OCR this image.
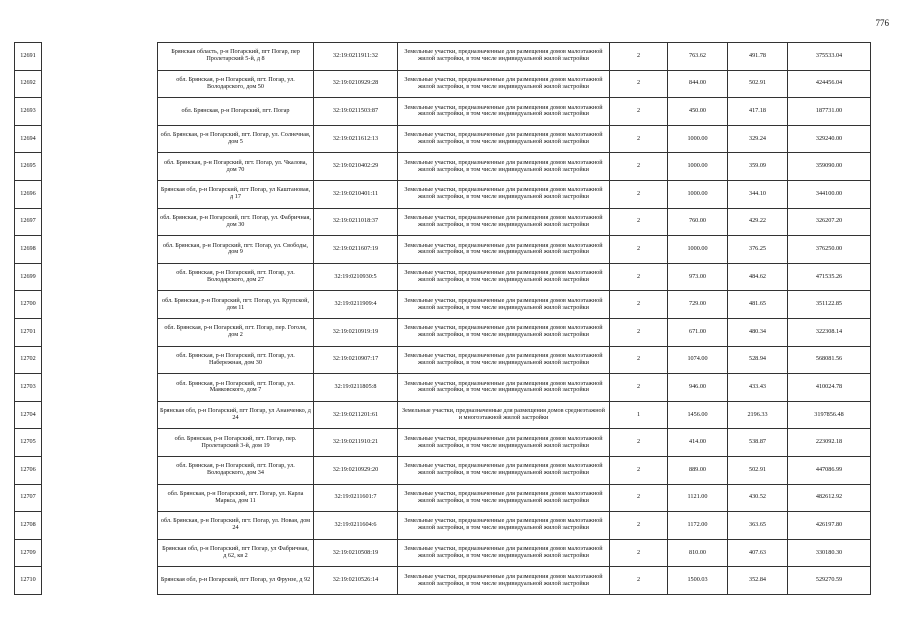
776
12691		Брянская область, р-н Погарский, пгт Погар, пер Пролетарский 5-й, д 8	32:19:0211911:32	Земельные участки, предназначенные для размещения домов малоэтажной жилой застройки, в том числе индивидуальной жилой застройки	2	763.62	491.78	375533.04
12692		обл. Брянская, р-н Погарский, пгт. Погар, ул. Володарского, дом 50	32:19:0210929:28	Земельные участки, предназначенные для размещения домов малоэтажной жилой застройки, в том числе индивидуальной жилой застройки	2	844.00	502.91	424456.04
12693		обл. Брянская, р-н Погарский, пгт. Погар	32:19:0211503:87	Земельные участки, предназначенные для размещения домов малоэтажной жилой застройки, в том числе индивидуальной жилой застройки	2	450.00	417.18	187731.00
12694		обл. Брянская, р-н Погарский, пгт. Погар, ул. Солнечная, дом 5	32:19:0211612:13	Земельные участки, предназначенные для размещения домов малоэтажной жилой застройки, в том числе индивидуальной жилой застройки	2	1000.00	329.24	329240.00
12695		обл. Брянская, р-н Погарский, пгт. Погар, ул. Чкалова, дом 70	32:19:0210402:29	Земельные участки, предназначенные для размещения домов малоэтажной жилой застройки, в том числе индивидуальной жилой застройки	2	1000.00	359.09	359090.00
12696		Брянская обл, р-н Погарский, пгт Погар, ул Каштановая, д 17	32:19:0210401:11	Земельные участки, предназначенные для размещения домов малоэтажной жилой застройки, в том числе индивидуальной жилой застройки	2	1000.00	344.10	344100.00
12697		обл. Брянская, р-н Погарский, пгт. Погар, ул. Фабричная, дом 30	32:19:0211018:37	Земельные участки, предназначенные для размещения домов малоэтажной жилой застройки, в том числе индивидуальной жилой застройки	2	760.00	429.22	326207.20
12698		обл. Брянская, р-н Погарский, пгт. Погар, ул. Свободы, дом 9	32:19:0211607:19	Земельные участки, предназначенные для размещения домов малоэтажной жилой застройки, в том числе индивидуальной жилой застройки	2	1000.00	376.25	376250.00
12699		обл. Брянская, р-н Погарский, пгт. Погар, ул. Володарского, дом 27	32:19:0210930:5	Земельные участки, предназначенные для размещения домов малоэтажной жилой застройки, в том числе индивидуальной жилой застройки	2	973.00	484.62	471535.26
12700		обл. Брянская, р-н Погарский, пгт. Погар, ул. Крупской, дом 11	32:19:0211909:4	Земельные участки, предназначенные для размещения домов малоэтажной жилой застройки, в том числе индивидуальной жилой застройки	2	729.00	481.65	351122.85
12701		обл. Брянская, р-н Погарский, пгт. Погар, пер. Гоголя, дом 2	32:19:0210919:19	Земельные участки, предназначенные для размещения домов малоэтажной жилой застройки, в том числе индивидуальной жилой застройки	2	671.00	480.34	322308.14
12702		обл. Брянская, р-н Погарский, пгт. Погар, ул. Набережная, дом 30	32:19:0210907:17	Земельные участки, предназначенные для размещения домов малоэтажной жилой застройки, в том числе индивидуальной жилой застройки	2	1074.00	528.94	568081.56
12703		обл. Брянская, р-н Погарский, пгт. Погар, ул. Маяковского, дом 7	32:19:0211805:8	Земельные участки, предназначенные для размещения домов малоэтажной жилой застройки, в том числе индивидуальной жилой застройки	2	946.00	433.43	410024.78
12704		Брянская обл, р-н Погарский, пгт Погар, ул Ананченко, д 24	32:19:0211201:61	Земельные участки, предназначенные для размещения домов среднеэтажной и многоэтажной жилой застройки	1	1456.00	2196.33	3197856.48
12705		обл. Брянская, р-н Погарский, пгт. Погар, пер. Пролетарский 3-й, дом 19	32:19:0211910:21	Земельные участки, предназначенные для размещения домов малоэтажной жилой застройки, в том числе индивидуальной жилой застройки	2	414.00	538.87	223092.18
12706		обл. Брянская, р-н Погарский, пгт. Погар, ул. Володарского, дом 34	32:19:0210929:20	Земельные участки, предназначенные для размещения домов малоэтажной жилой застройки, в том числе индивидуальной жилой застройки	2	889.00	502.91	447086.99
12707		обл. Брянская, р-н Погарский, пгт. Погар, ул. Карла Маркса, дом 11	32:19:0211601:7	Земельные участки, предназначенные для размещения домов малоэтажной жилой застройки, в том числе индивидуальной жилой застройки	2	1121.00	430.52	482612.92
12708		обл. Брянская, р-н Погарский, пгт. Погар, ул. Новая, дом 24	32:19:0211604:6	Земельные участки, предназначенные для размещения домов малоэтажной жилой застройки, в том числе индивидуальной жилой застройки	2	1172.00	363.65	426197.80
12709		Брянская обл, р-н Погарский, пгт Погар, ул Фабричная, д 62, кв 2	32:19:0210508:19	Земельные участки, предназначенные для размещения домов малоэтажной жилой застройки, в том числе индивидуальной жилой застройки	2	810.00	407.63	330180.30
12710		Брянская обл, р-н Погарский, пгт Погар, ул Фрунзе, д 92	32:19:0210526:14	Земельные участки, предназначенные для размещения домов малоэтажной жилой застройки, в том числе индивидуальной жилой застройки	2	1500.03	352.84	529270.59
